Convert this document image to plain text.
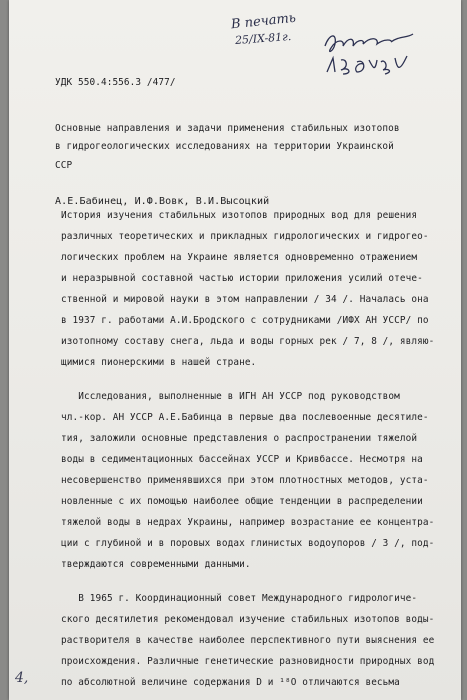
В печать
25/IX-81г.
УДК 550.4:556.3 /477/
Основные направления и задачи применения стабильных изотопов
в гидрогеологических исследованиях на территории Украинской
ССР
А.Е.Бабинец, И.Ф.Вовк, В.И.Высоцкий
История изучения стабильных изотопов природных вод для решения
различных теоретических и прикладных гидрологических и гидрогео-
логических проблем на Украине является одновременно отражением
и неразрывной составной частью истории приложения усилий отече-
ственной и мировой науки в этом направлении / 34 /. Началась она
в 1937 г. работами А.И.Бродского с сотрудниками /ИФХ АН УССР/ по
изотопному составу снега, льда и воды горных рек / 7, 8 /, являю-
щимися пионерскими в нашей стране.
Исследования, выполненные в ИГН АН УССР под руководством
чл.-кор. АН УССР А.Е.Бабинца в первые два послевоенные десятиле-
тия, заложили основные представления о распространении тяжелой
воды в седиментационных бассейнах УССР и Кривбассе. Несмотря на
несовершенство применявшихся при этом плотностных методов, уста-
новленные с их помощью наиболее общие тенденции в распределении
тяжелой воды в недрах Украины, например возрастание ее концентра-
ции с глубиной и в поровых водах глинистых водоупоров / 3 /, под-
тверждаются современными данными.
В 1965 г. Координационный совет Международного гидрологиче-
ского десятилетия рекомендовал изучение стабильных изотопов воды-
растворителя в качестве наиболее перспективного пути выяснения ее
происхождения. Различные генетические разновидности природных вод
по абсолютной величине содержания D и ¹⁸O отличаются весьма
4,
